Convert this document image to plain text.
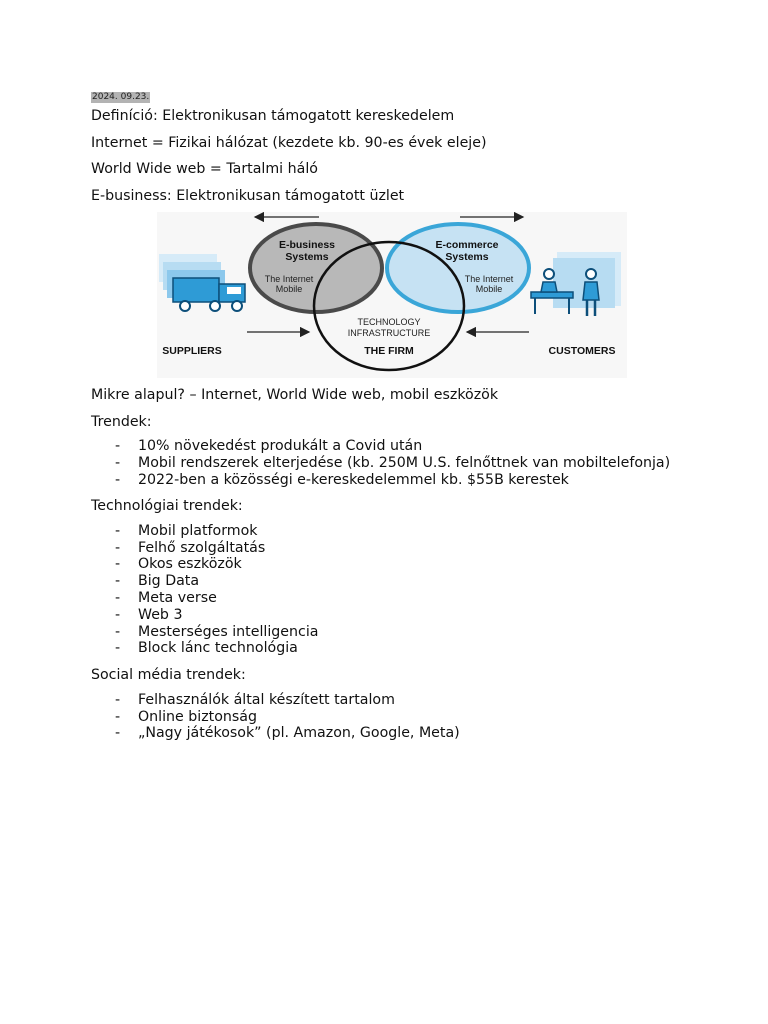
2024. 09.23.

Definíció: Elektronikusan támogatott kereskedelem

Internet = Fizikai hálózat (kezdete kb. 90-es évek eleje)

World Wide web = Tartalmi háló

E-business: Elektronikusan támogatott üzlet

E-business
Systems
The Internet
Mobile
E-commerce
Systems
The Internet
Mobile
TECHNOLOGY
INFRASTRUCTURE
THE FIRM
SUPPLIERS	CUSTOMERS

Mikre alapul? – Internet, World Wide web, mobil eszközök

Trendek:

- 10% növekedést produkált a Covid után
- Mobil rendszerek elterjedése (kb. 250M U.S. felnőttnek van mobiltelefonja)
- 2022-ben a közösségi e-kereskedelemmel kb. $55B kerestek

Technológiai trendek:

- Mobil platformok
- Felhő szolgáltatás
- Okos eszközök
- Big Data
- Meta verse
- Web 3
- Mesterséges intelligencia
- Block lánc technológia

Social média trendek:

- Felhasználók által készített tartalom
- Online biztonság
- „Nagy játékosok” (pl. Amazon, Google, Meta)
